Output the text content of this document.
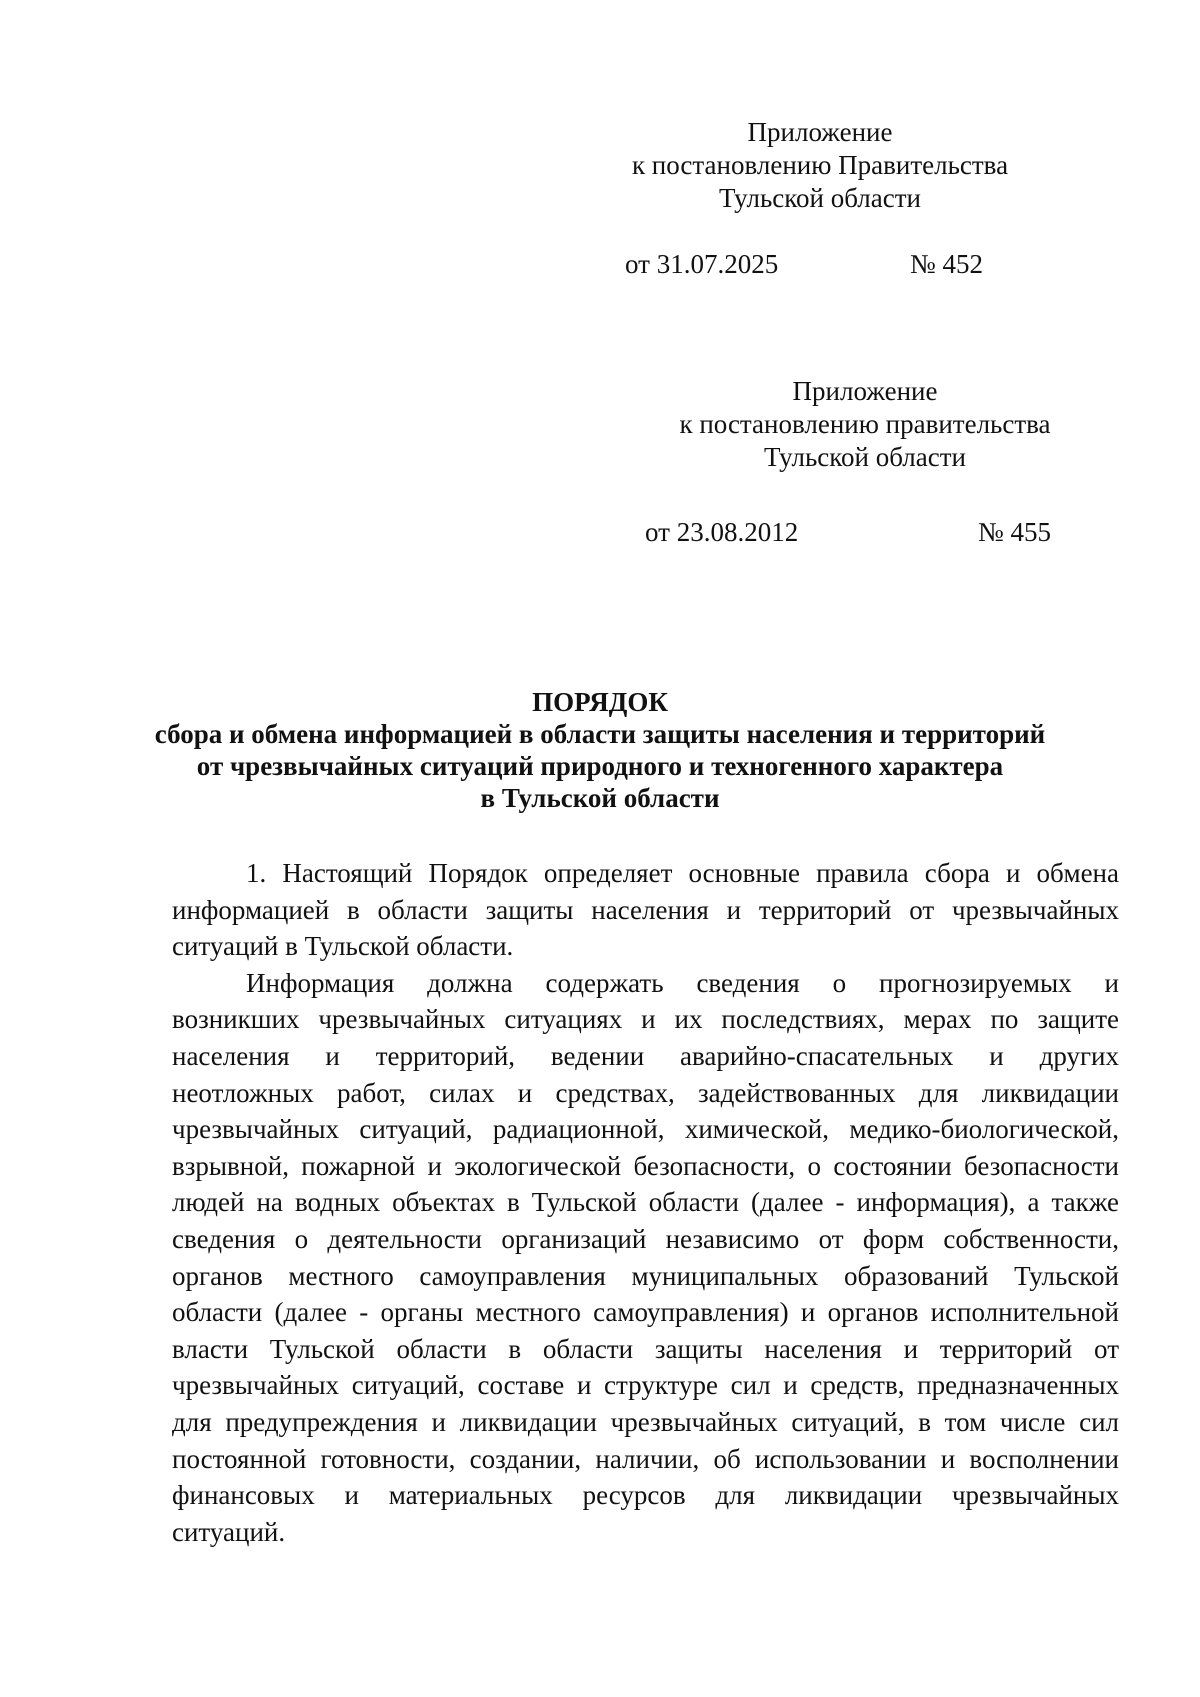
Приложение
к постановлению Правительства
Тульской области
от 31.07.2025	№ 452
Приложение
к постановлению правительства
Тульской области
от 23.08.2012	№ 455
ПОРЯДОК
сбора и обмена информацией в области защиты населения и территорий
от чрезвычайных ситуаций природного и техногенного характера
в Тульской области
1. Настоящий Порядок определяет основные правила сбора и обмена
информацией в области защиты населения и территорий от чрезвычайных
ситуаций в Тульской области.
Информация должна содержать сведения о прогнозируемых и
возникших чрезвычайных ситуациях и их последствиях, мерах по защите
населения и территорий, ведении аварийно-спасательных и других
неотложных работ, силах и средствах, задействованных для ликвидации
чрезвычайных ситуаций, радиационной, химической, медико-биологической,
взрывной, пожарной и экологической безопасности, о состоянии безопасности
людей на водных объектах в Тульской области (далее - информация), а также
сведения о деятельности организаций независимо от форм собственности,
органов местного самоуправления муниципальных образований Тульской
области (далее - органы местного самоуправления) и органов исполнительной
власти Тульской области в области защиты населения и территорий от
чрезвычайных ситуаций, составе и структуре сил и средств, предназначенных
для предупреждения и ликвидации чрезвычайных ситуаций, в том числе сил
постоянной готовности, создании, наличии, об использовании и восполнении
финансовых и материальных ресурсов для ликвидации чрезвычайных
ситуаций.
